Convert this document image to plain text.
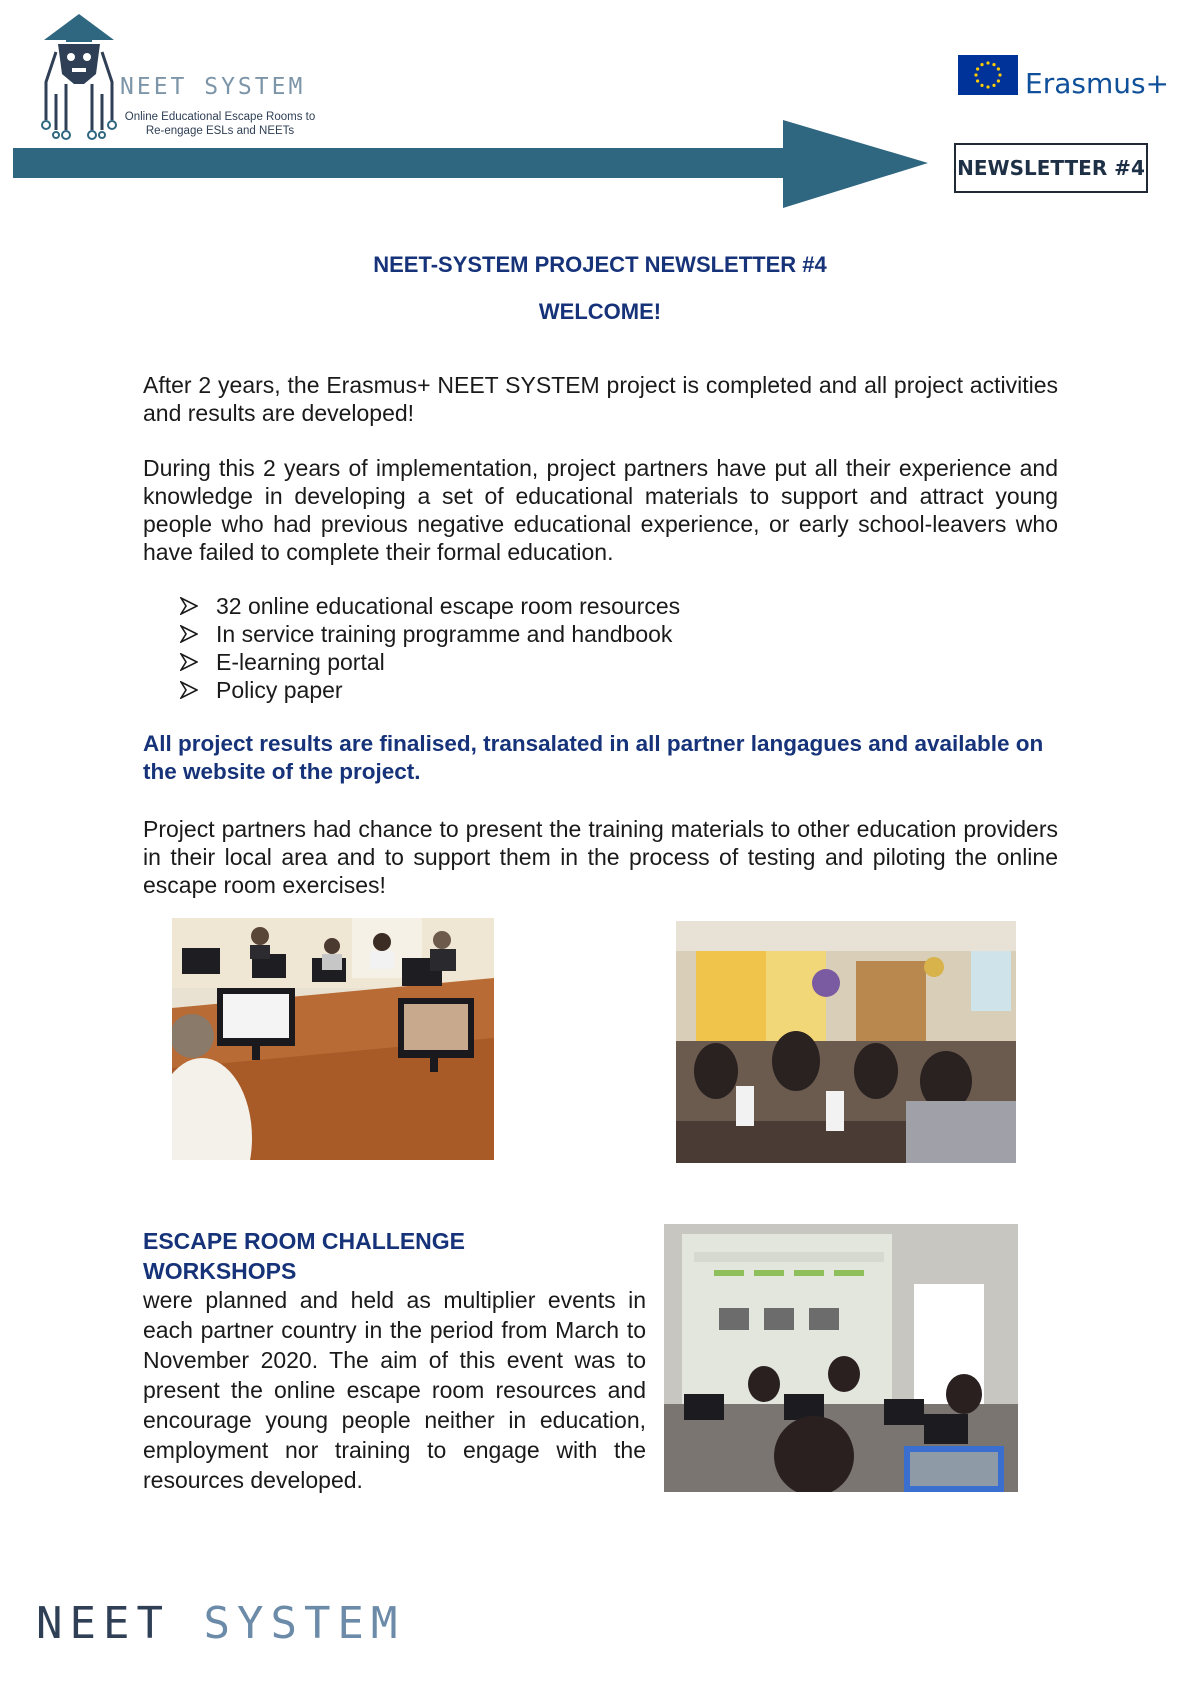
NEET SYSTEM
Online Educational Escape Rooms to Re-engage ESLs and NEETs
Erasmus+
NEWSLETTER #4
NEET-SYSTEM PROJECT NEWSLETTER #4
WELCOME!
After 2 years, the Erasmus+ NEET SYSTEM project is completed and all project activities and results are developed!
During this 2 years of implementation, project partners have put all their experience and knowledge in developing a set of educational materials to support and attract young people who had previous negative educational experience, or early school-leavers who have failed to complete their formal education.
32 online educational escape room resources
In service training programme and handbook
E-learning portal
Policy paper
All project results are finalised, transalated in all partner langagues and available on the website of the project.
Project partners had chance to present the training materials to other education providers in their local area and to support them in the process of testing and piloting the online escape room exercises!
ESCAPE ROOM CHALLENGE WORKSHOPS
were planned and held as multiplier events in each partner country in the period from March to November 2020. The aim of this event was to present the online escape room resources and encourage young people neither in education, employment nor training to engage with the resources developed.
NEET SYSTEM
